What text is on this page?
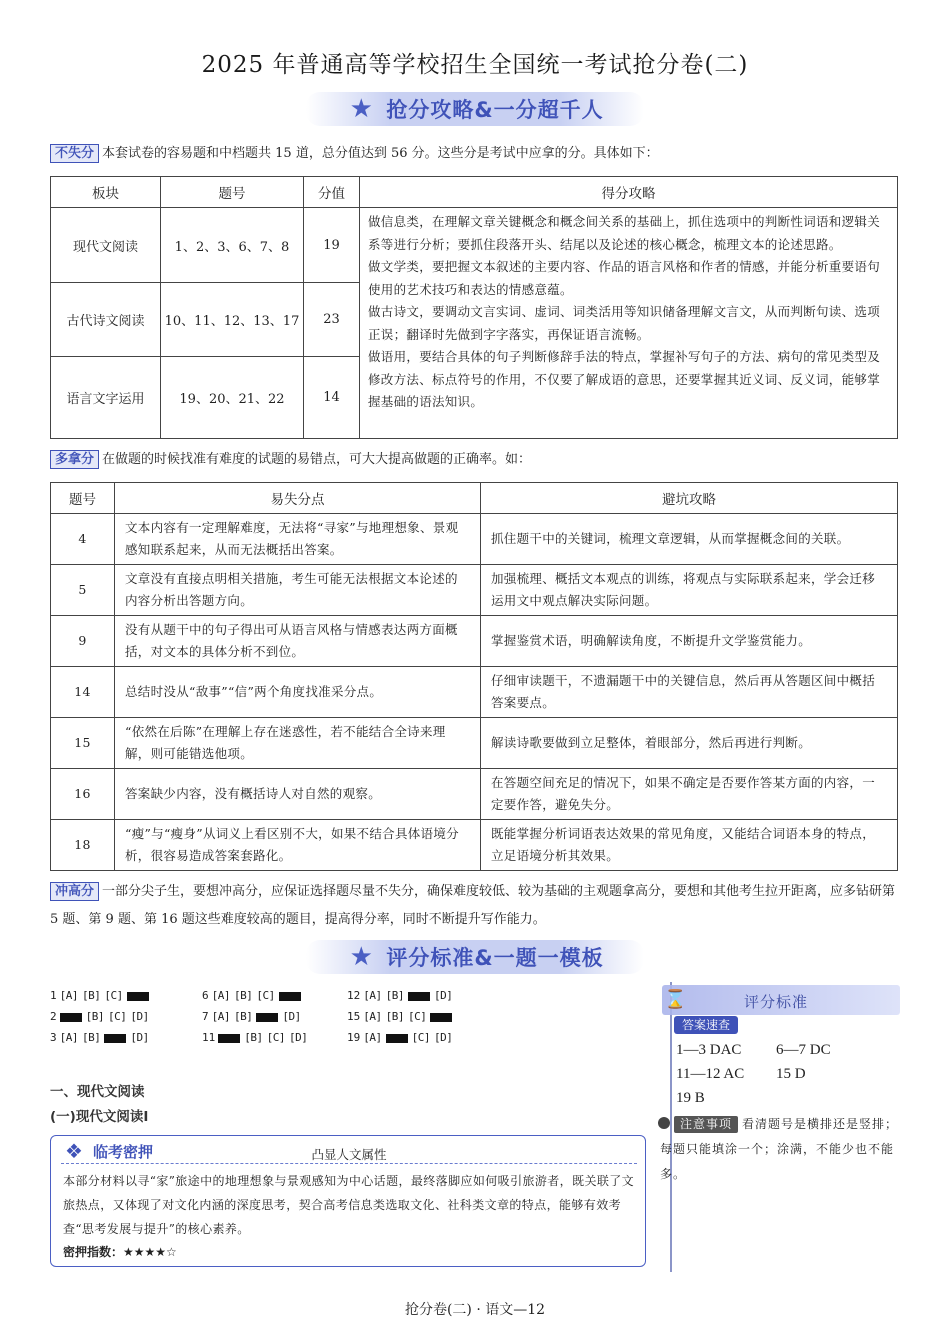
2025 年普通高等学校招生全国统一考试抢分卷(二)
★ 抢分攻略&一分超千人
不失分 本套试卷的容易题和中档题共 15 道，总分值达到 56 分。这些分是考试中应拿的分。具体如下：
板块	题号	分值	得分攻略
现代文阅读	1、2、3、6、7、8	19	做信息类，在理解文章关键概念和概念间关系的基础上，抓住选项中的判断性词语和逻辑关系等进行分析；要抓住段落开头、结尾以及论述的核心概念，梳理文本的论述思路。
做文学类，要把握文本叙述的主要内容、作品的语言风格和作者的情感，并能分析重要语句使用的艺术技巧和表达的情感意蕴。
做古诗文，要调动文言实词、虚词、词类活用等知识储备理解文言文，从而判断句读、选项正误；翻译时先做到字字落实，再保证语言流畅。
做语用，要结合具体的句子判断修辞手法的特点，掌握补写句子的方法、病句的常见类型及修改方法、标点符号的作用，不仅要了解成语的意思，还要掌握其近义词、反义词，能够掌握基础的语法知识。

古代诗文阅读	10、11、12、13、17	23	
语言文字运用	19、20、21、22	14	
多拿分 在做题的时候找准有难度的试题的易错点，可大大提高做题的正确率。如：
题号	易失分点	避坑攻略
4	文本内容有一定理解难度，无法将“寻家”与地理想象、景观感知联系起来，从而无法概括出答案。	抓住题干中的关键词，梳理文章逻辑，从而掌握概念间的关联。
5	文章没有直接点明相关措施，考生可能无法根据文本论述的内容分析出答题方向。	加强梳理、概括文本观点的训练，将观点与实际联系起来，学会迁移运用文中观点解决实际问题。
9	没有从题干中的句子得出可从语言风格与情感表达两方面概括，对文本的具体分析不到位。	掌握鉴赏术语，明确解读角度，不断提升文学鉴赏能力。
14	总结时没从“敌事”“信”两个角度找准采分点。	仔细审读题干，不遗漏题干中的关键信息，然后再从答题区间中概括答案要点。
15	“依然在后陈”在理解上存在迷惑性，若不能结合全诗来理解，则可能错选他项。	解读诗歌要做到立足整体，着眼部分，然后再进行判断。
16	答案缺少内容，没有概括诗人对自然的观察。	在答题空间充足的情况下，如果不确定是否要作答某方面的内容，一定要作答，避免失分。
18	“瘦”与“瘦身”从词义上看区别不大，如果不结合具体语境分析，很容易造成答案套路化。	既能掌握分析词语表达效果的常见角度，又能结合词语本身的特点，立足语境分析其效果。
冲高分 一部分尖子生，要想冲高分，应保证选择题尽量不失分，确保难度较低、较为基础的主观题拿高分，要想和其他考生拉开距离，应多钻研第 5 题、第 9 题、第 16 题这些难度较高的题目，提高得分率，同时不断提升写作能力。
★ 评分标准&一题一模板
1 [A] [B] [C]	6 [A] [B] [C]	12 [A] [B]	[D]
2	[B] [C] [D]	7 [A] [B]	[D]	15 [A] [B] [C]
3 [A] [B]	[D]	11	[B] [C] [D]	19 [A]	[C] [D]
一、现代文阅读
(一)现代文阅读Ⅰ
❖ 临考密押	凸显人文属性
本部分材料以寻“家”旅途中的地理想象与景观感知为中心话题，最终落脚应如何吸引旅游者，既关联了文旅热点，又体现了对文化内涵的深度思考，契合高考信息类选取文化、社科类文章的特点，能够有效考查“思考发展与提升”的核心素养。
密押指数：★★★★☆
⌛	评分标准
答案速查
1—3 DAC 6—7 DC
11—12 AC 15 D
19 B
注意事项 看清题号是横排还是竖排；每题只能填涂一个；涂满，不能少也不能多。
抢分卷(二) · 语文—12
